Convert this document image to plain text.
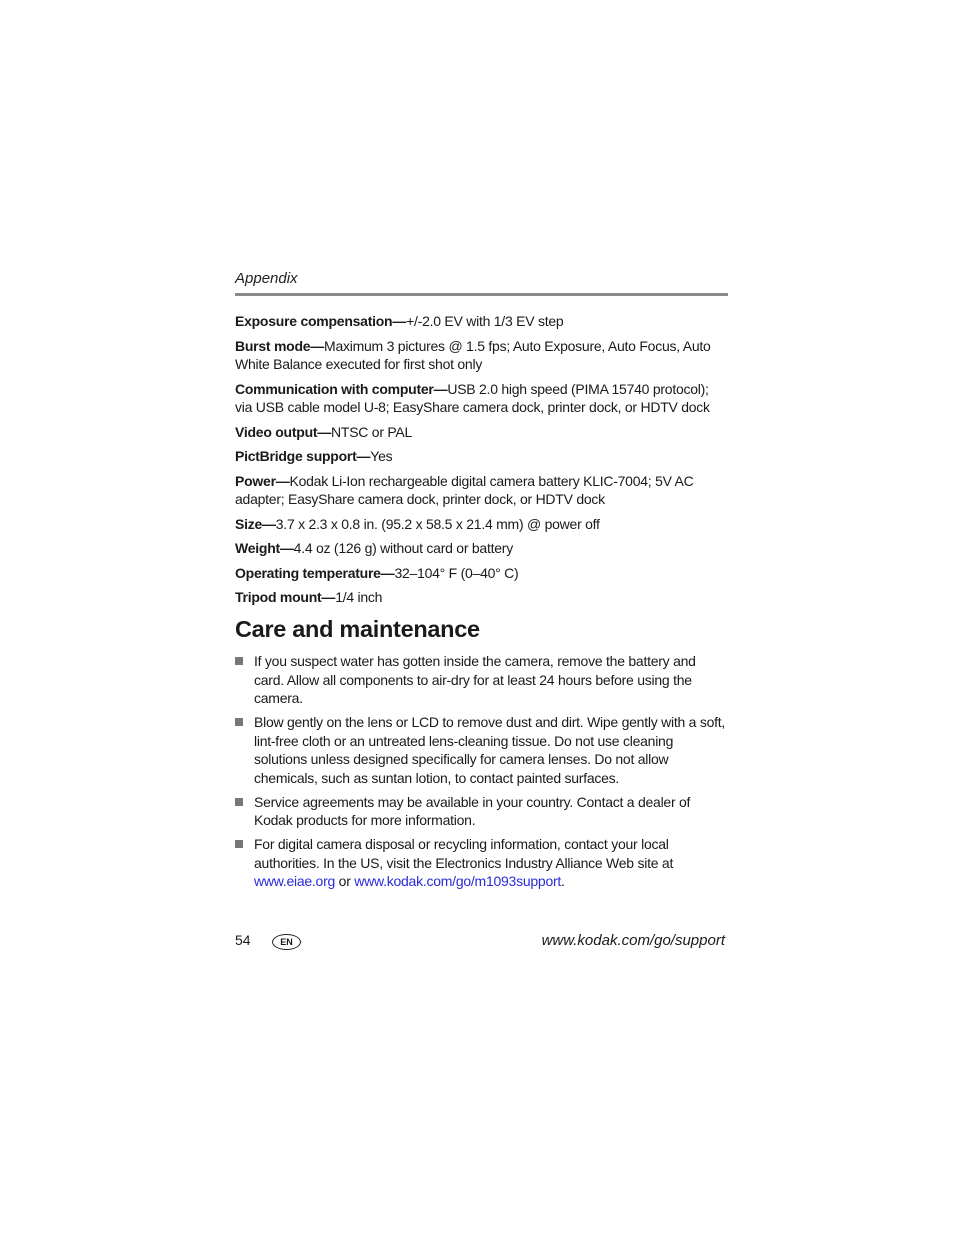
Appendix

Exposure compensation—+/-2.0 EV with 1/3 EV step

Burst mode—Maximum 3 pictures @ 1.5 fps; Auto Exposure, Auto Focus, Auto White Balance executed for first shot only

Communication with computer—USB 2.0 high speed (PIMA 15740 protocol); via USB cable model U-8; EasyShare camera dock, printer dock, or HDTV dock

Video output—NTSC or PAL

PictBridge support—Yes

Power—Kodak Li-Ion rechargeable digital camera battery KLIC-7004; 5V AC adapter; EasyShare camera dock, printer dock, or HDTV dock

Size—3.7 x 2.3 x 0.8 in. (95.2 x 58.5 x 21.4 mm) @ power off

Weight—4.4 oz (126 g) without card or battery

Operating temperature—32–104° F (0–40° C)

Tripod mount—1/4 inch

Care and maintenance
If you suspect water has gotten inside the camera, remove the battery and card. Allow all components to air-dry for at least 24 hours before using the camera.
Blow gently on the lens or LCD to remove dust and dirt. Wipe gently with a soft, lint-free cloth or an untreated lens-cleaning tissue. Do not use cleaning solutions unless designed specifically for camera lenses. Do not allow chemicals, such as suntan lotion, to contact painted surfaces.
Service agreements may be available in your country. Contact a dealer of Kodak products for more information.
For digital camera disposal or recycling information, contact your local authorities. In the US, visit the Electronics Industry Alliance Web site at www.eiae.org or www.kodak.com/go/m1093support.
54	EN	www.kodak.com/go/support
